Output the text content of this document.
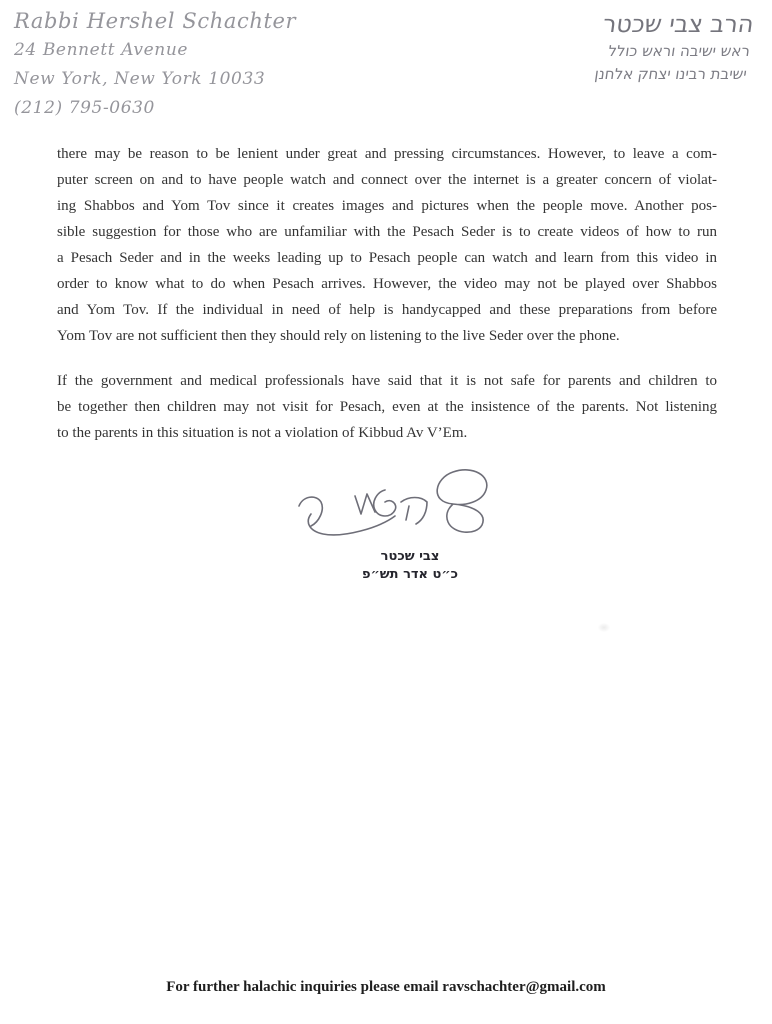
Rabbi Hershel Schachter
24 Bennett Avenue
New York, New York 10033
(212) 795-0630
הרב צבי שכטר
ראש ישיבה וראש כולל
ישיבת רבינו יצחק אלחנן
there may be reason to be lenient under great and pressing circumstances. However, to leave a com-
puter screen on and to have people watch and connect over the internet is a greater concern of violat-
ing Shabbos and Yom Tov since it creates images and pictures when the people move. Another pos-
sible suggestion for those who are unfamiliar with the Pesach Seder is to create videos of how to run
a Pesach Seder and in the weeks leading up to Pesach people can watch and learn from this video in
order to know what to do when Pesach arrives. However, the video may not be played over Shabbos
and Yom Tov. If the individual in need of help is handycapped and these preparations from before
Yom Tov are not sufficient then they should rely on listening to the live Seder over the phone.
If the government and medical professionals have said that it is not safe for parents and children to
be together then children may not visit for Pesach, even at the insistence of the parents. Not listening
to the parents in this situation is not a violation of Kibbud Av V’Em.
צבי שכטר
כ״ט אדר תש״פ
For further halachic inquiries please email ravschachter@gmail.com
